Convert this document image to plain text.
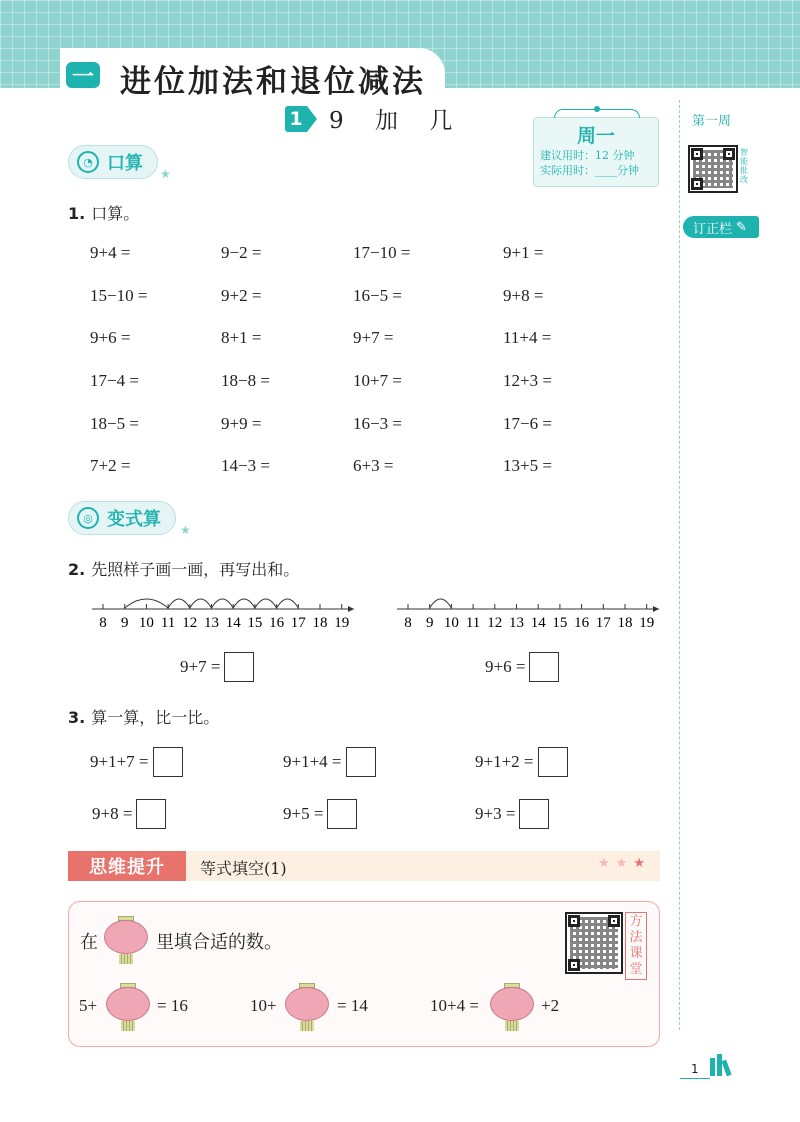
一 进位加法和退位减法
1 9 加 几
周一
建议用时：12 分钟
实际用时：____分钟
第一周
智能批改
订正栏 ✎
◔ 口算 ★
1. 口算。
9+4 =	9−2 =	17−10 =	9+1 =
15−10 =	9+2 =	16−5 =	9+8 =
9+6 =	8+1 =	9+7 =	11+4 =
17−4 =	18−8 =	10+7 =	12+3 =
18−5 =	9+9 =	16−3 =	17−6 =
7+2 =	14−3 =	6+3 =	13+5 =
◎ 变式算 ★
2. 先照样子画一画，再写出和。
8 9 10 11 12 13 14 15 16 17 18 19	8 9 10 11 12 13 14 15 16 17 18 19
9+7 =	9+6 =
3. 算一算，比一比。
9+1+7 =	9+1+4 =	9+1+2 =
9+8 =	9+5 =	9+3 =
思维提升	等式填空(1)	★★★
在	里填合适的数。
方法课堂
5+	= 16	10+	= 14	10+4 =	+2
1
